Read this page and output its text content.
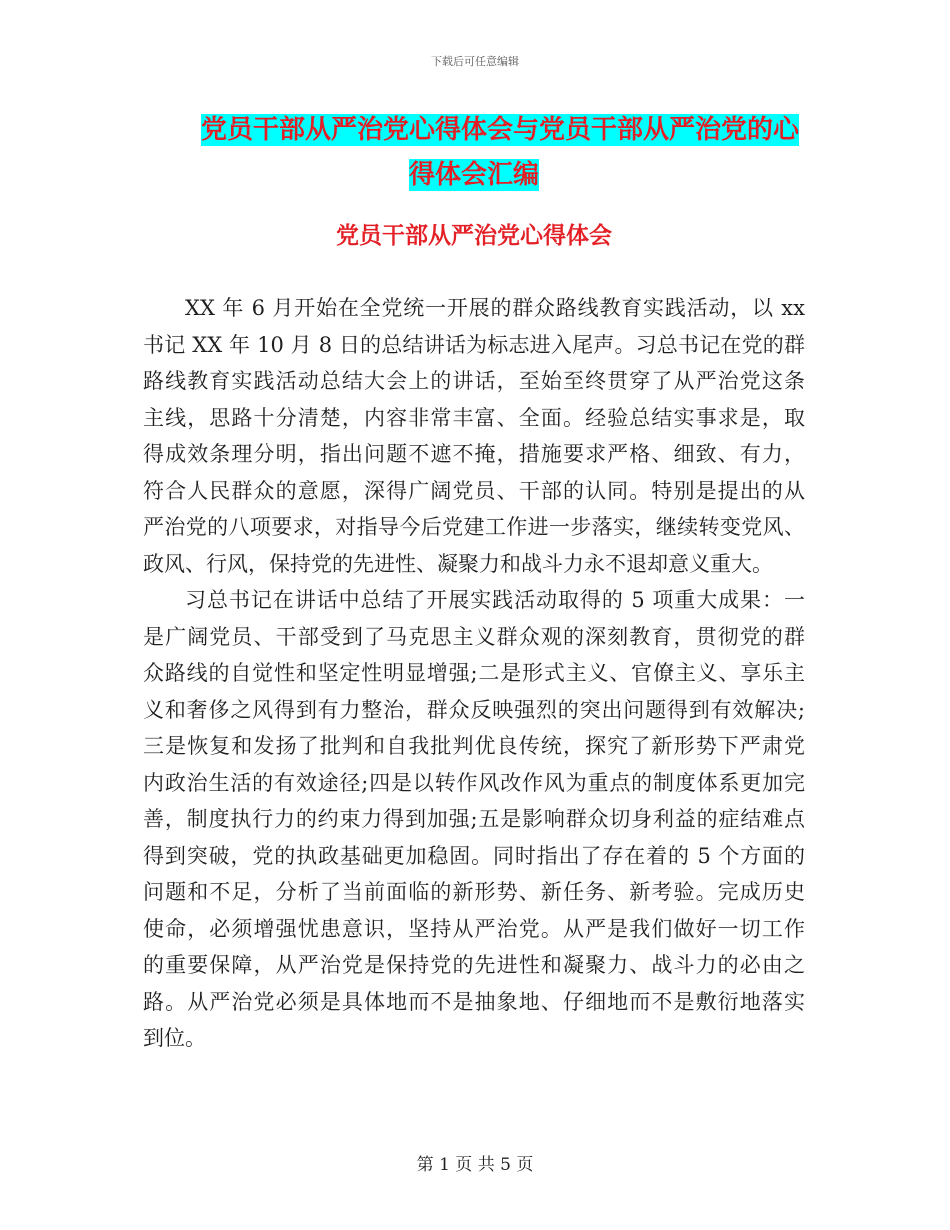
下载后可任意编辑
党员干部从严治党心得体会与党员干部从严治党的心
得体会汇编
党员干部从严治党心得体会
XX 年 6 月开始在全党统一开展的群众路线教育实践活动，以 xx
书记 XX 年 10 月 8 日的总结讲话为标志进入尾声。习总书记在党的群
路线教育实践活动总结大会上的讲话，至始至终贯穿了从严治党这条
主线，思路十分清楚，内容非常丰富、全面。经验总结实事求是，取
得成效条理分明，指出问题不遮不掩，措施要求严格、细致、有力，
符合人民群众的意愿，深得广阔党员、干部的认同。特别是提出的从
严治党的八项要求，对指导今后党建工作进一步落实，继续转变党风、
政风、行风，保持党的先进性、凝聚力和战斗力永不退却意义重大。
习总书记在讲话中总结了开展实践活动取得的 5 项重大成果：一
是广阔党员、干部受到了马克思主义群众观的深刻教育，贯彻党的群
众路线的自觉性和坚定性明显增强;二是形式主义、官僚主义、享乐主
义和奢侈之风得到有力整治，群众反映强烈的突出问题得到有效解决;
三是恢复和发扬了批判和自我批判优良传统，探究了新形势下严肃党
内政治生活的有效途径;四是以转作风改作风为重点的制度体系更加完
善，制度执行力的约束力得到加强;五是影响群众切身利益的症结难点
得到突破，党的执政基础更加稳固。同时指出了存在着的 5 个方面的
问题和不足，分析了当前面临的新形势、新任务、新考验。完成历史
使命，必须增强忧患意识，坚持从严治党。从严是我们做好一切工作
的重要保障，从严治党是保持党的先进性和凝聚力、战斗力的必由之
路。从严治党必须是具体地而不是抽象地、仔细地而不是敷衍地落实
到位。
第 1 页 共 5 页
